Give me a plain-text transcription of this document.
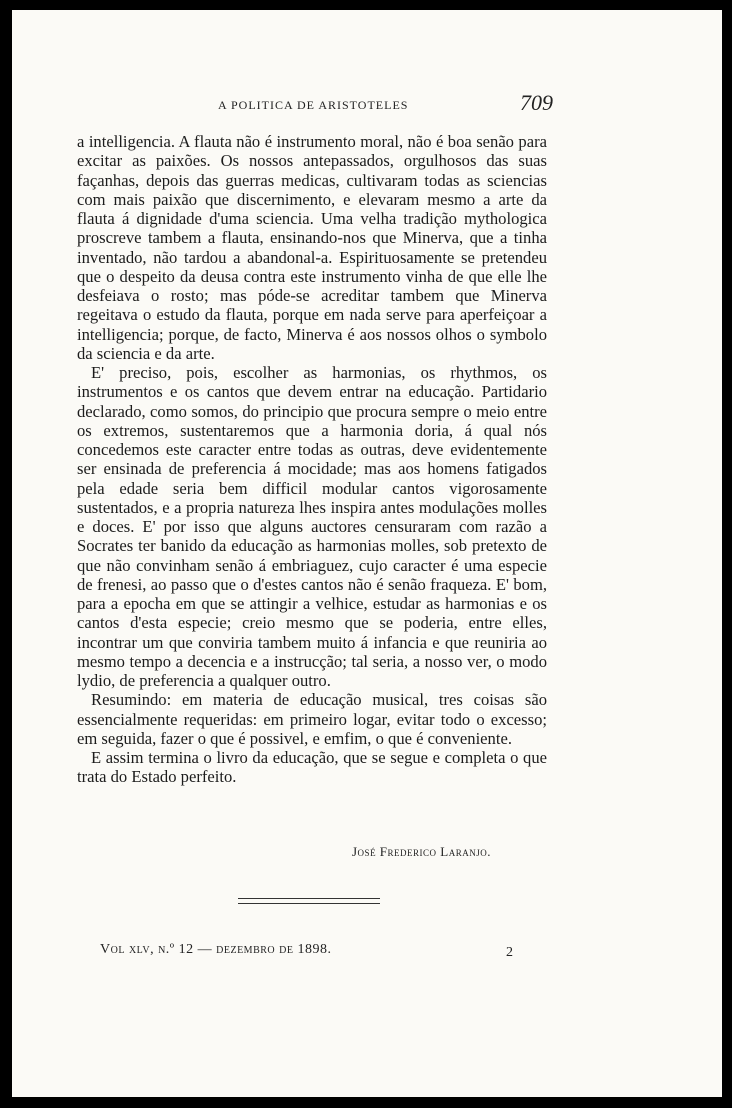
A POLITICA DE ARISTOTELES	709

a intelligencia. A flauta não é instrumento moral, não é boa senão para excitar as paixões. Os nossos antepassados, orgulhosos das suas façanhas, depois das guerras medicas, cultivaram todas as sciencias com mais paixão que discernimento, e elevaram mesmo a arte da flauta á dignidade d'uma sciencia. Uma velha tradição mythologica proscreve tambem a flauta, ensinando-nos que Minerva, que a tinha inventado, não tardou a abandonal-a. Espirituosamente se pretendeu que o despeito da deusa contra este instrumento vinha de que elle lhe desfeiava o rosto; mas póde-se acreditar tambem que Minerva regeitava o estudo da flauta, porque em nada serve para aperfeiçoar a intelligencia; porque, de facto, Minerva é aos nossos olhos o symbolo da sciencia e da arte.

E' preciso, pois, escolher as harmonias, os rhythmos, os instrumentos e os cantos que devem entrar na educação. Partidario declarado, como somos, do principio que procura sempre o meio entre os extremos, sustentaremos que a harmonia doria, á qual nós concedemos este caracter entre todas as outras, deve evidentemente ser ensinada de preferencia á mocidade; mas aos homens fatigados pela edade seria bem difficil modular cantos vigorosamente sustentados, e a propria natureza lhes inspira antes modulações molles e doces. E' por isso que alguns auctores censuraram com razão a Socrates ter banido da educação as harmonias molles, sob pretexto de que não convinham senão á embriaguez, cujo caracter é uma especie de frenesi, ao passo que o d'estes cantos não é senão fraqueza. E' bom, para a epocha em que se attingir a velhice, estudar as harmonias e os cantos d'esta especie; creio mesmo que se poderia, entre elles, incontrar um que conviria tambem muito á infancia e que reuniria ao mesmo tempo a decencia e a instrucção; tal seria, a nosso ver, o modo lydio, de preferencia a qualquer outro.

Resumindo: em materia de educação musical, tres coisas são essencialmente requeridas: em primeiro logar, evitar todo o excesso; em seguida, fazer o que é possivel, e emfim, o que é conveniente.

E assim termina o livro da educação, que se segue e completa o que trata do Estado perfeito.

José Frederico Laranjo.
Vol xlv, n.º 12 — dezembro de 1898.	2
